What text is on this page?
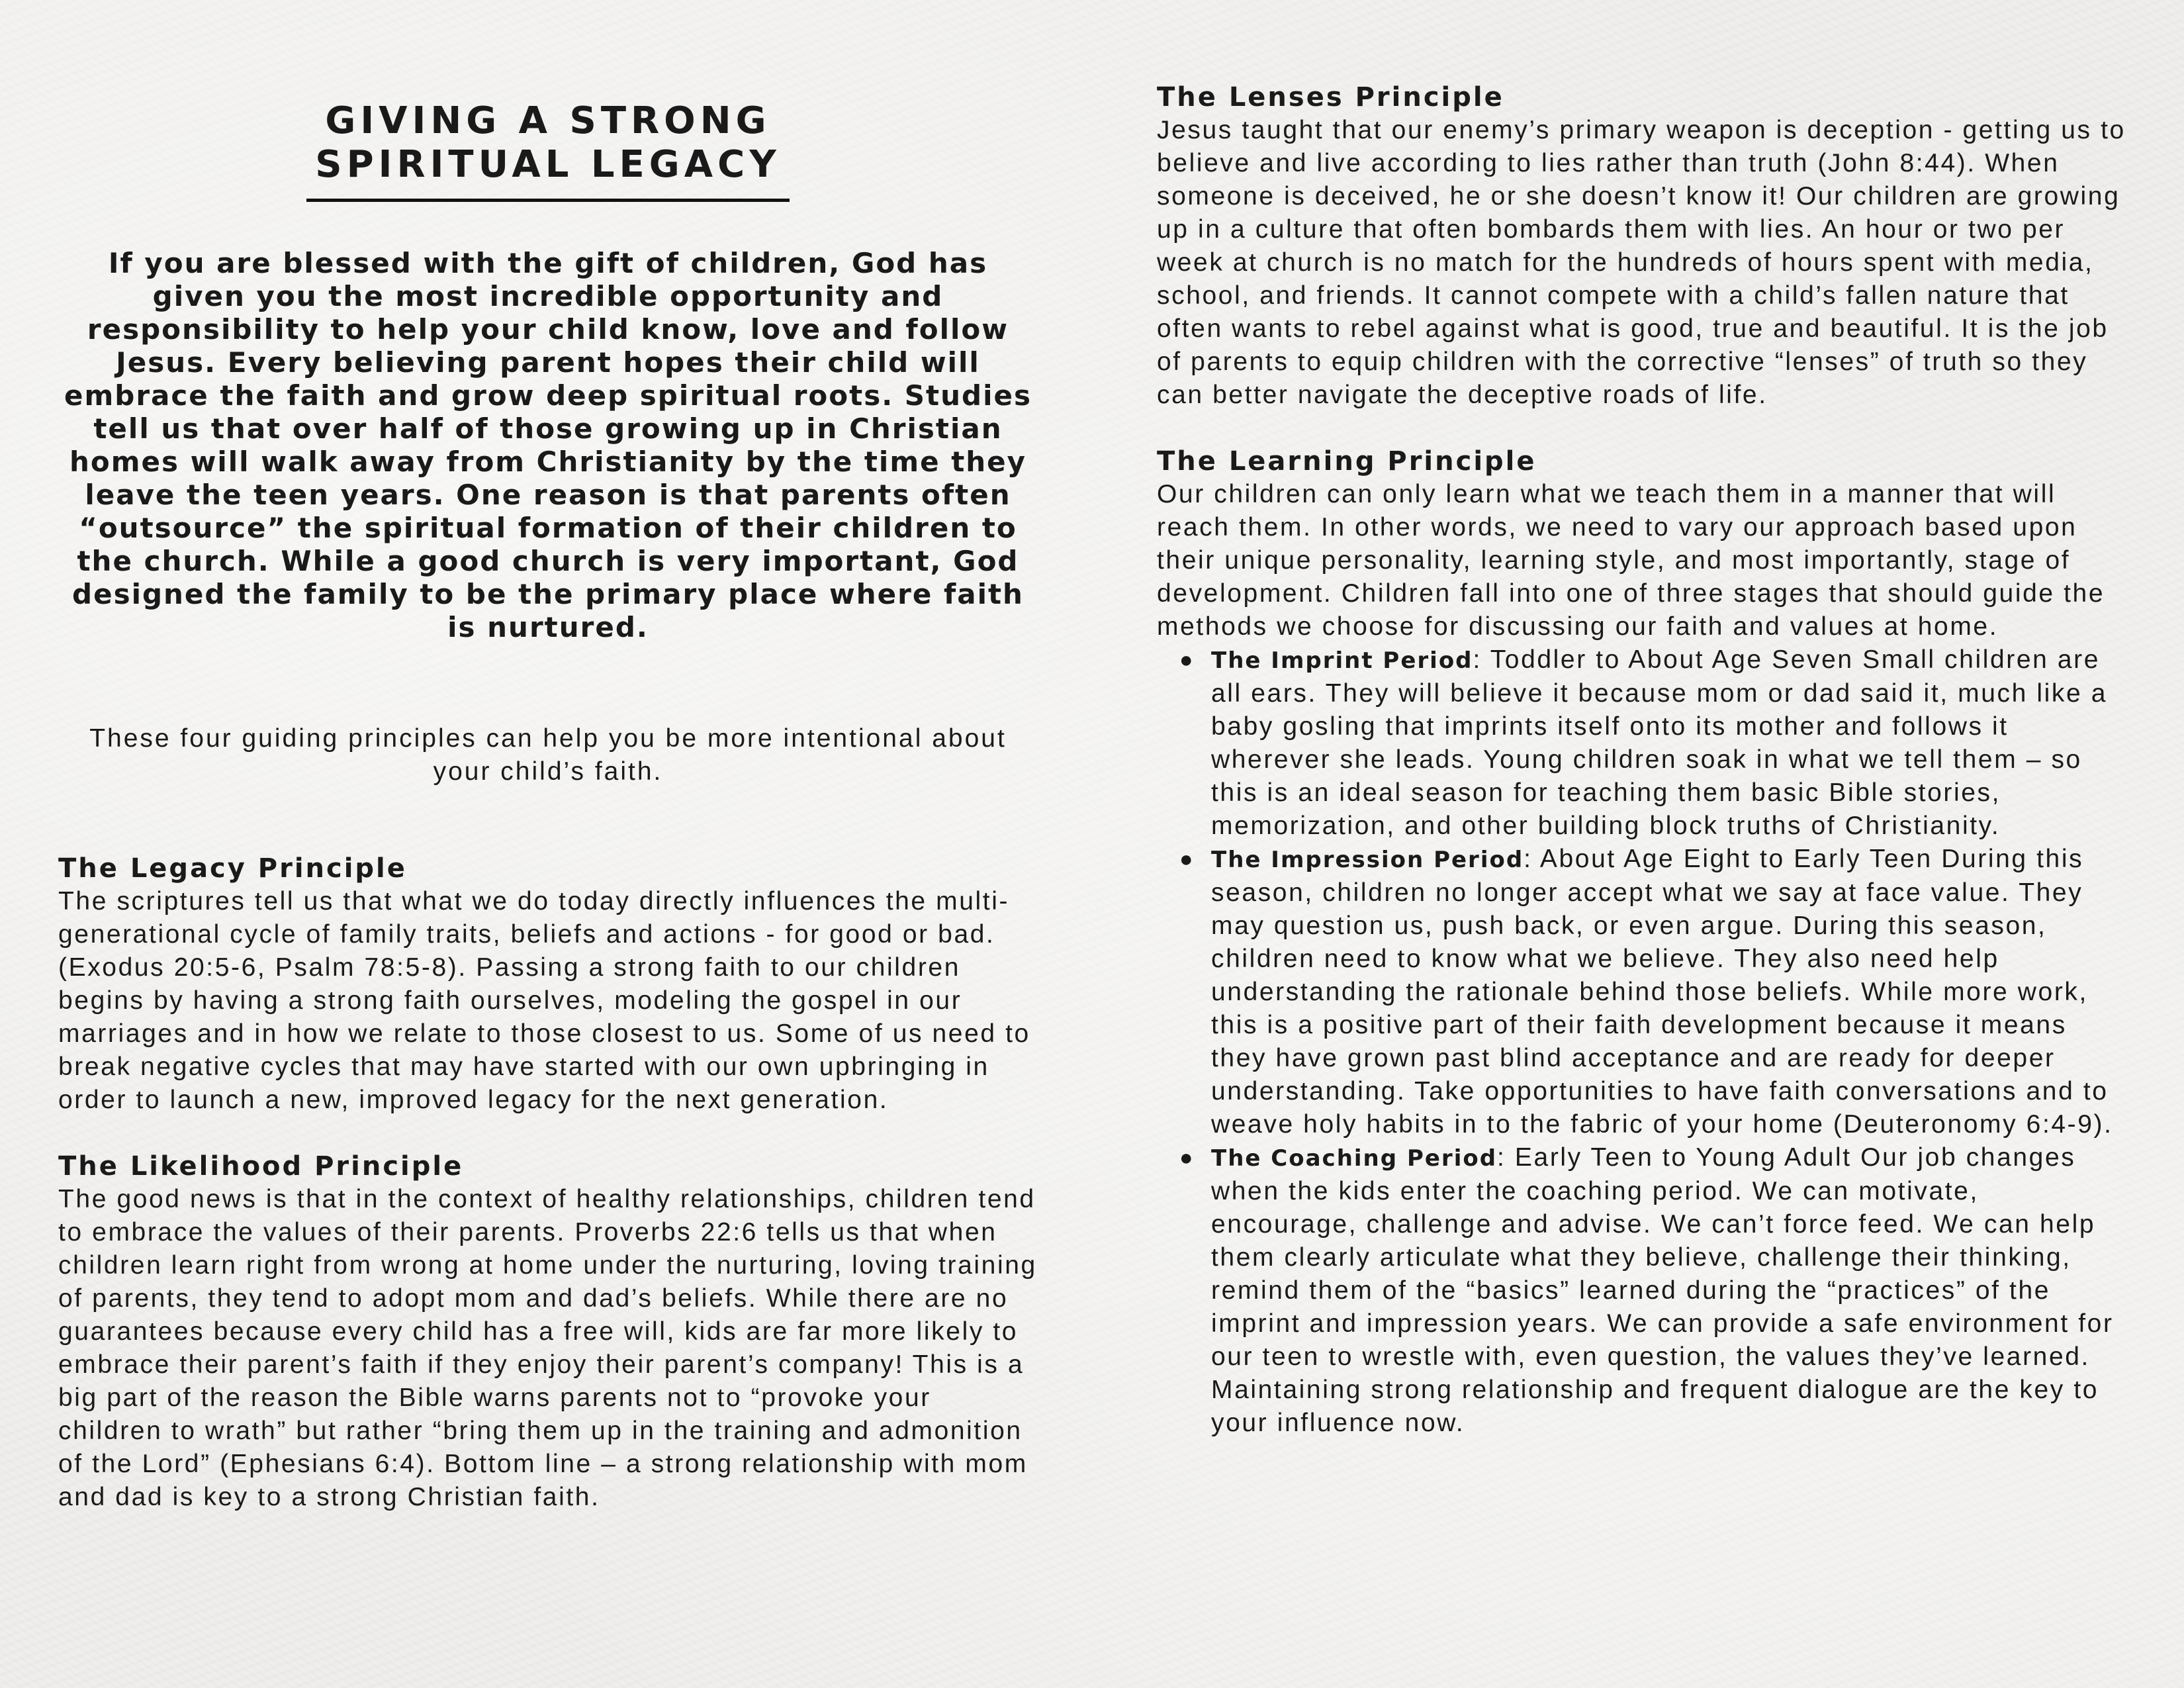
GIVING A STRONG
SPIRITUAL LEGACY

If you are blessed with the gift of children, God has given you the most incredible opportunity and responsibility to help your child know, love and follow Jesus. Every believing parent hopes their child will embrace the faith and grow deep spiritual roots. Studies tell us that over half of those growing up in Christian homes will walk away from Christianity by the time they leave the teen years. One reason is that parents often “outsource” the spiritual formation of their children to the church. While a good church is very important, God designed the family to be the primary place where faith is nurtured.

These four guiding principles can help you be more intentional about your child’s faith.

The Legacy Principle

The scriptures tell us that what we do today directly influences the multi-generational cycle of family traits, beliefs and actions - for good or bad. (Exodus 20:5-6, Psalm 78:5-8). Passing a strong faith to our children begins by having a strong faith ourselves, modeling the gospel in our marriages and in how we relate to those closest to us. Some of us need to break negative cycles that may have started with our own upbringing in order to launch a new, improved legacy for the next generation.

The Likelihood Principle

The good news is that in the context of healthy relationships, children tend to embrace the values of their parents. Proverbs 22:6 tells us that when children learn right from wrong at home under the nurturing, loving training of parents, they tend to adopt mom and dad’s beliefs. While there are no guarantees because every child has a free will, kids are far more likely to embrace their parent’s faith if they enjoy their parent’s company! This is a big part of the reason the Bible warns parents not to “provoke your children to wrath” but rather “bring them up in the training and admonition of the Lord” (Ephesians 6:4). Bottom line – a strong relationship with mom and dad is key to a strong Christian faith.

The Lenses Principle

Jesus taught that our enemy’s primary weapon is deception - getting us to believe and live according to lies rather than truth (John 8:44). When someone is deceived, he or she doesn’t know it! Our children are growing up in a culture that often bombards them with lies. An hour or two per week at church is no match for the hundreds of hours spent with media, school, and friends. It cannot compete with a child’s fallen nature that often wants to rebel against what is good, true and beautiful. It is the job of parents to equip children with the corrective “lenses” of truth so they can better navigate the deceptive roads of life.

The Learning Principle

Our children can only learn what we teach them in a manner that will reach them. In other words, we need to vary our approach based upon their unique personality, learning style, and most importantly, stage of development. Children fall into one of three stages that should guide the methods we choose for discussing our faith and values at home.

● The Imprint Period: Toddler to About Age Seven Small children are all ears. They will believe it because mom or dad said it, much like a baby gosling that imprints itself onto its mother and follows it wherever she leads. Young children soak in what we tell them – so this is an ideal season for teaching them basic Bible stories, memorization, and other building block truths of Christianity.
● The Impression Period: About Age Eight to Early Teen During this season, children no longer accept what we say at face value. They may question us, push back, or even argue. During this season, children need to know what we believe. They also need help understanding the rationale behind those beliefs. While more work, this is a positive part of their faith development because it means they have grown past blind acceptance and are ready for deeper understanding. Take opportunities to have faith conversations and to weave holy habits in to the fabric of your home (Deuteronomy 6:4-9).
● The Coaching Period: Early Teen to Young Adult Our job changes when the kids enter the coaching period. We can motivate, encourage, challenge and advise. We can’t force feed. We can help them clearly articulate what they believe, challenge their thinking, remind them of the “basics” learned during the “practices” of the imprint and impression years. We can provide a safe environment for our teen to wrestle with, even question, the values they’ve learned. Maintaining strong relationship and frequent dialogue are the key to your influence now.
